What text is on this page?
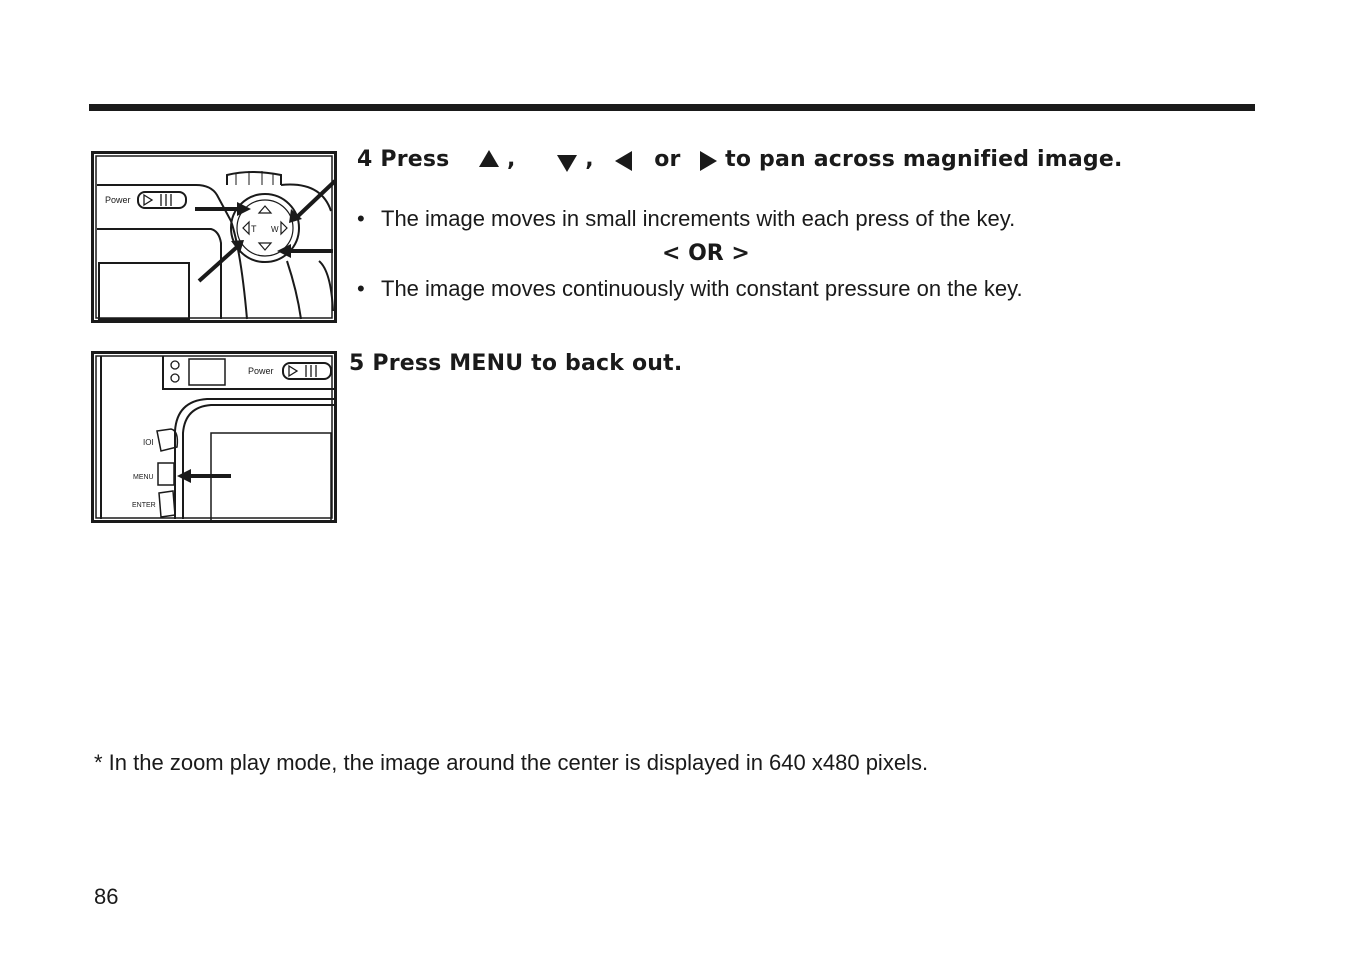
Power
T W
Power
IOI
MENU
ENTER
4 Press	,	,	or to pan across magnified image.
• The image moves in small increments with each press of the key.
< OR >
• The image moves continuously with constant pressure on the key.
5 Press MENU to back out.
* In the zoom play mode, the image around the center is displayed in 640 x480 pixels.
86
